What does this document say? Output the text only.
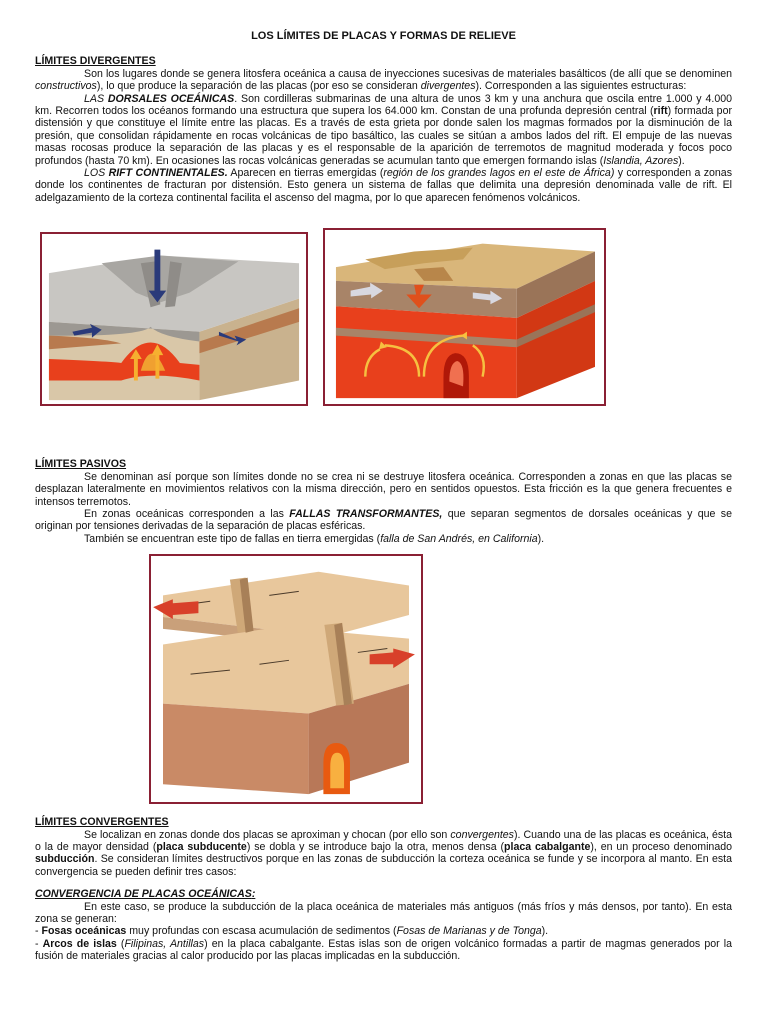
LOS LÍMITES DE PLACAS Y FORMAS DE RELIEVE
LÍMITES DIVERGENTES

Son los lugares donde se genera litosfera oceánica a causa de inyecciones sucesivas de materiales basálticos (de allí que se denominen constructivos), lo que produce la separación de las placas (por eso se consideran divergentes). Corresponden a las siguientes estructuras:

LAS DORSALES OCEÁNICAS. Son cordilleras submarinas de una altura de unos 3 km y una anchura que oscila entre 1.000 y 4.000 km. Recorren todos los océanos formando una estructura que supera los 64.000 km. Constan de una profunda depresión central (rift) formada por distensión y que constituye el límite entre las placas. Es a través de esta grieta por donde salen los magmas formados por la disminución de la presión, que consolidan rápidamente en rocas volcánicas de tipo basáltico, las cuales se sitúan a ambos lados del rift. El empuje de las nuevas masas rocosas produce la separación de las placas y es el responsable de la aparición de terremotos de magnitud moderada y focos poco profundos (hasta 70 km). En ocasiones las rocas volcánicas generadas se acumulan tanto que emergen formando islas (Islandia, Azores).

LOS RIFT CONTINENTALES. Aparecen en tierras emergidas (región de los grandes lagos en el este de África) y corresponden a zonas donde los continentes de fracturan por distensión. Esto genera un sistema de fallas que delimita una depresión denominada valle de rift. El adelgazamiento de la corteza continental facilita el ascenso del magma, por lo que aparecen fenómenos volcánicos.

LÍMITES PASIVOS

Se denominan así porque son límites donde no se crea ni se destruye litosfera oceánica. Corresponden a zonas en que las placas se desplazan lateralmente en movimientos relativos con la misma dirección, pero en sentidos opuestos. Esta fricción es la que genera frecuentes e intensos terremotos.

En zonas oceánicas corresponden a las FALLAS TRANSFORMANTES, que separan segmentos de dorsales oceánicas y que se originan por tensiones derivadas de la separación de placas esféricas.

También se encuentran este tipo de fallas en tierra emergidas (falla de San Andrés, en California).

LÍMITES CONVERGENTES

Se localizan en zonas donde dos placas se aproximan y chocan (por ello son convergentes). Cuando una de las placas es oceánica, ésta o la de mayor densidad (placa subducente) se dobla y se introduce bajo la otra, menos densa (placa cabalgante), en un proceso denominado subducción. Se consideran límites destructivos porque en las zonas de subducción la corteza oceánica se funde y se incorpora al manto. En esta convergencia se pueden definir tres casos:

CONVERGENCIA DE PLACAS OCEÁNICAS:

En este caso, se produce la subducción de la placa oceánica de materiales más antiguos (más fríos y más densos, por tanto). En esta zona se generan:

- Fosas oceánicas muy profundas con escasa acumulación de sedimentos (Fosas de Marianas y de Tonga).

- Arcos de islas (Filipinas, Antillas) en la placa cabalgante. Estas islas son de origen volcánico formadas a partir de magmas generados por la fusión de materiales gracias al calor producido por las placas implicadas en la subducción.
